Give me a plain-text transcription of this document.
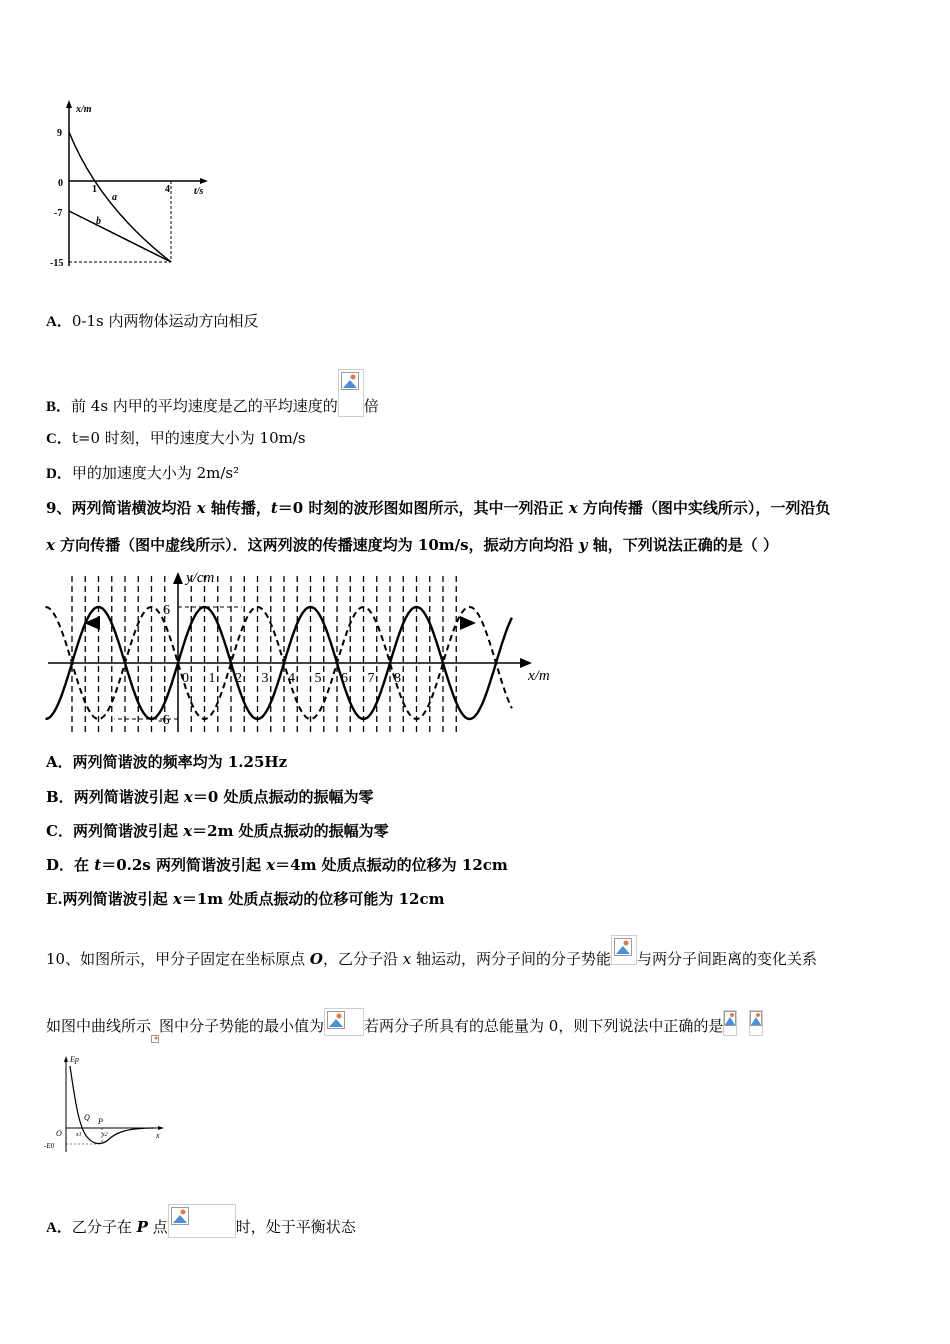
x/m
t/s
9
0
-7
-15
1	4
a
b
A．0-1s 内两物体运动方向相反
B．前 4s 内甲的平均速度是乙的平均速度的 倍
C．t=0 时刻，甲的速度大小为 10m/s
D．甲的加速度大小为 2m/s²
9、两列简谐横波均沿 x 轴传播，t＝0 时刻的波形图如图所示，其中一列沿正 x 方向传播（图中实线所示），一列沿负
x 方向传播（图中虚线所示）．这两列波的传播速度均为 10m/s，振动方向均沿 y 轴，下列说法正确的是（ ）
y/cm
x/m
6
-6
0 1 2 3 4 5 6 7 8
A．两列简谐波的频率均为 1.25Hz
B．两列简谐波引起 x＝0 处质点振动的振幅为零
C．两列简谐波引起 x＝2m 处质点振动的振幅为零
D．在 t＝0.2s 两列简谐波引起 x＝4m 处质点振动的位移为 12cm
E.两列简谐波引起 x＝1m 处质点振动的位移可能为 12cm
10、如图所示，甲分子固定在坐标原点 O，乙分子沿 x 轴运动，两分子间的分子势能 与两分子间距离的变化关系
如图中曲线所示 图中分子势能的最小值为	若两分子所具有的总能量为 0，则下列说法中正确的是
Ep
x
O
Q P
x1	x2
-E0
A．乙分子在 P 点	时，处于平衡状态
